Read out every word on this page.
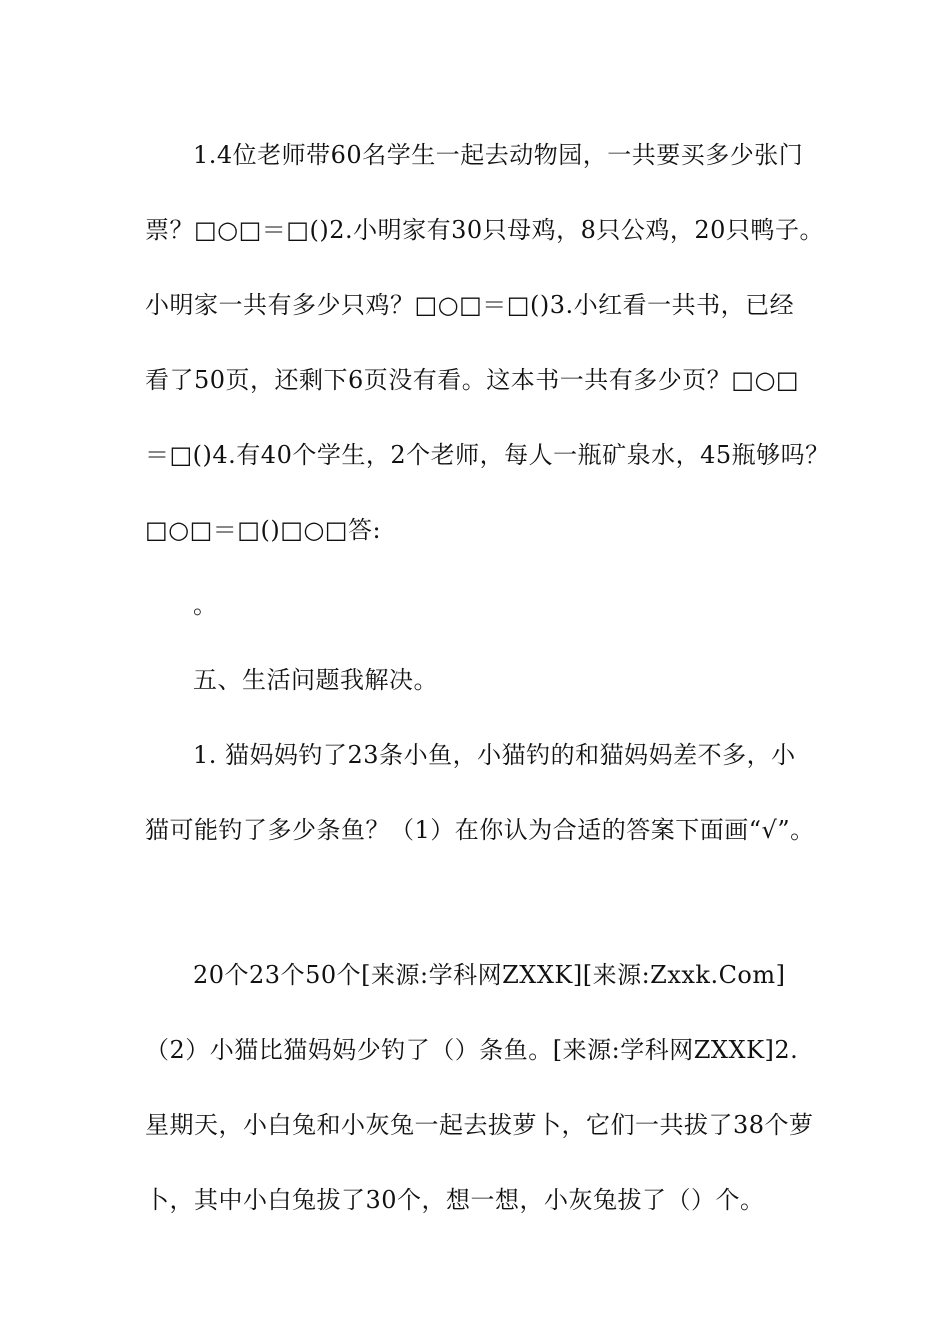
1.4位老师带60名学生一起去动物园，一共要买多少张门
票？□○□＝□()2.小明家有30只母鸡，8只公鸡，20只鸭子。
小明家一共有多少只鸡？□○□＝□()3.小红看一共书，已经
看了50页，还剩下6页没有看。这本书一共有多少页？□○□
＝□()4.有40个学生，2个老师，每人一瓶矿泉水，45瓶够吗？
□○□＝□()□○□答:
。
五、生活问题我解决。
1. 猫妈妈钓了23条小鱼，小猫钓的和猫妈妈差不多，小
猫可能钓了多少条鱼？（1）在你认为合适的答案下面画“√”。
20个23个50个[来源:学科网ZXXK][来源:Zxxk.Com]
（2）小猫比猫妈妈少钓了（）条鱼。[来源:学科网ZXXK]2.
星期天，小白兔和小灰兔一起去拔萝卜，它们一共拔了38个萝
卜，其中小白兔拔了30个，想一想，小灰兔拔了（）个。
